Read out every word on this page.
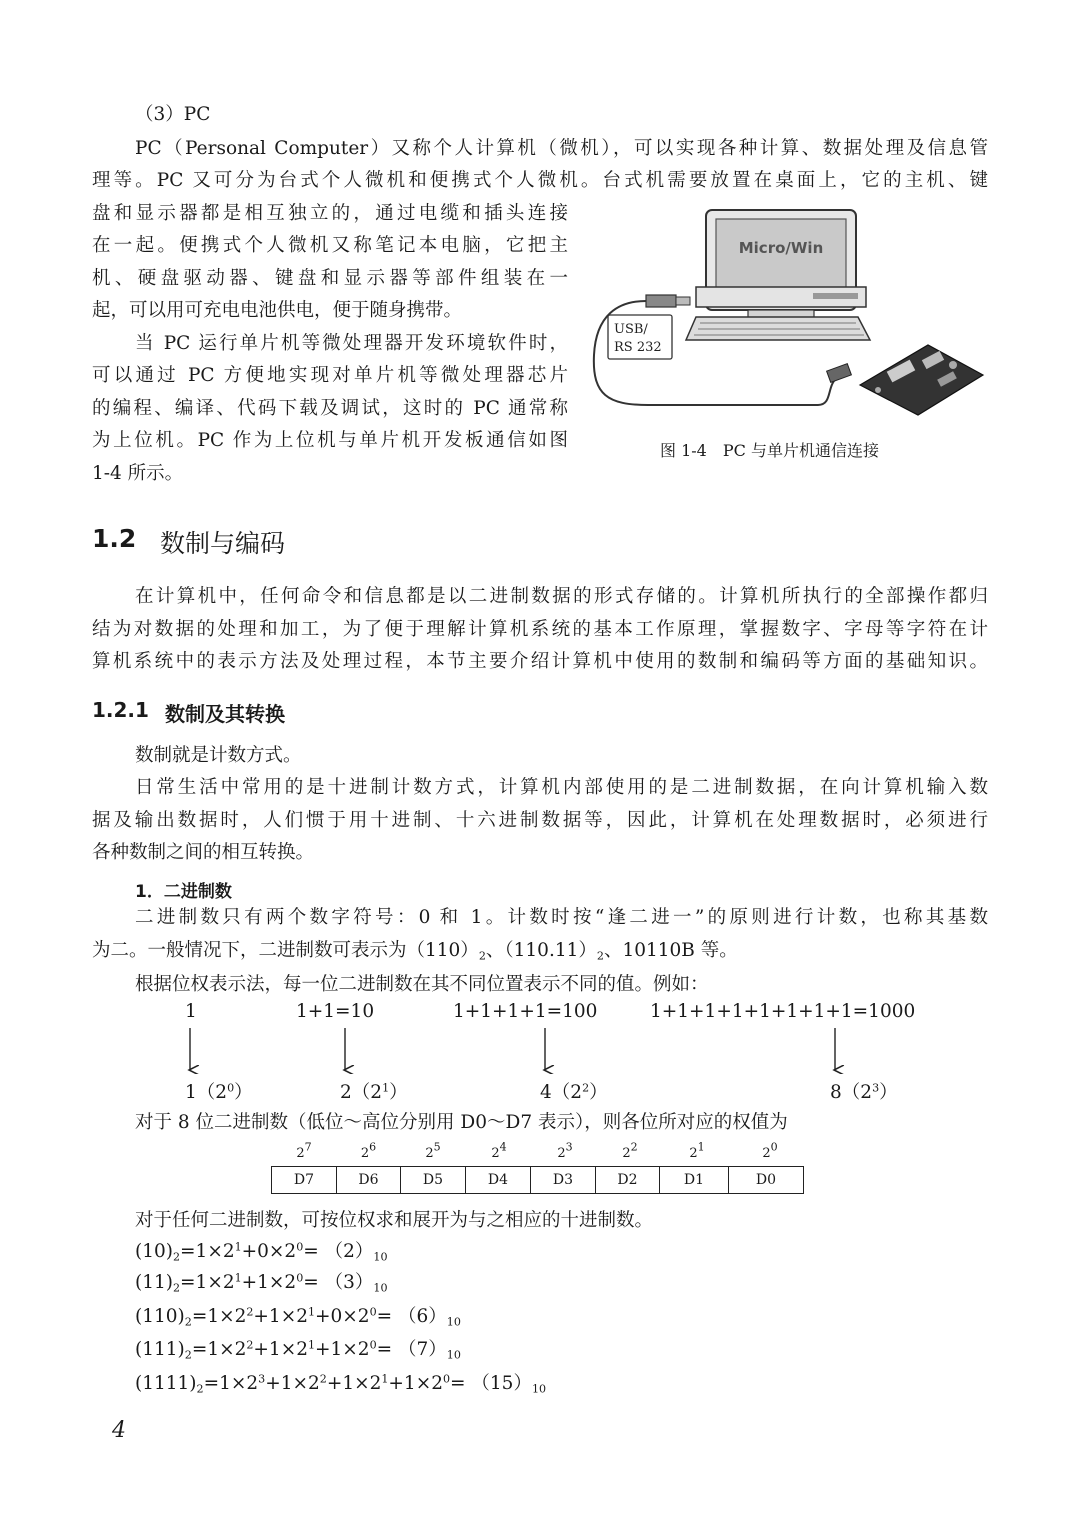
（3）PC
PC（Personal Computer）又称个人计算机（微机），可以实现各种计算、数据处理及信息管
理等。PC 又可分为台式个人微机和便携式个人微机。台式机需要放置在桌面上，它的主机、键
盘和显示器都是相互独立的，通过电缆和插头连接
在一起。便携式个人微机又称笔记本电脑，它把主
机、硬盘驱动器、键盘和显示器等部件组装在一
起，可以用可充电电池供电，便于随身携带。
当 PC 运行单片机等微处理器开发环境软件时，
可以通过 PC 方便地实现对单片机等微处理器芯片
的编程、编译、代码下载及调试，这时的 PC 通常称
为上位机。PC 作为上位机与单片机开发板通信如图
1-4 所示。
Micro/Win
USB/
RS 232
图 1-4　PC 与单片机通信连接
1.2 数制与编码
在计算机中，任何命令和信息都是以二进制数据的形式存储的。计算机所执行的全部操作都归
结为对数据的处理和加工，为了便于理解计算机系统的基本工作原理，掌握数字、字母等字符在计
算机系统中的表示方法及处理过程，本节主要介绍计算机中使用的数制和编码等方面的基础知识。
1.2.1 数制及其转换
数制就是计数方式。
日常生活中常用的是十进制计数方式，计算机内部使用的是二进制数据，在向计算机输入数
据及输出数据时，人们惯于用十进制、十六进制数据等，因此，计算机在处理数据时，必须进行
各种数制之间的相互转换。
1．二进制数
二进制数只有两个数字符号：0 和 1。计数时按“逢二进一”的原则进行计数，也称其基数
为二。一般情况下，二进制数可表示为$(110)_2$、$(110.11)_2$、10110B 等。
根据位权表示法，每一位二进制数在其不同位置表示不同的值。例如：
1	1+1=10	1+1+1+1=100	1+1+1+1+1+1+1+1=1000
$1(2^0)$	$2(2^1)$	$4(2^2)$	$8(2^3)$
对于 8 位二进制数（低位～高位分别用 D0～D7 表示），则各位所对应的权值为
$2^7$	$2^6$	$2^5$	$2^4$	$2^3$	$2^2$	$2^1$	$2^0$
D7	D6	D5	D4	D3	D2	D1	D0
对于任何二进制数，可按位权求和展开为与之相应的十进制数。
$(10)_2=1\times 2^1+0\times 2^0= (2)_{10}$
$(11)_2=1\times 2^1+1\times 2^0= (3)_{10}$
$(110)_2=1\times 2^2+1\times 2^1+0\times 2^0= (6)_{10}$
$(111)_2=1\times 2^2+1\times 2^1+1\times 2^0= (7)_{10}$
$(1111)_2=1\times 2^3+1\times 2^2+1\times 2^1+1\times 2^0= (15)_{10}$
4
